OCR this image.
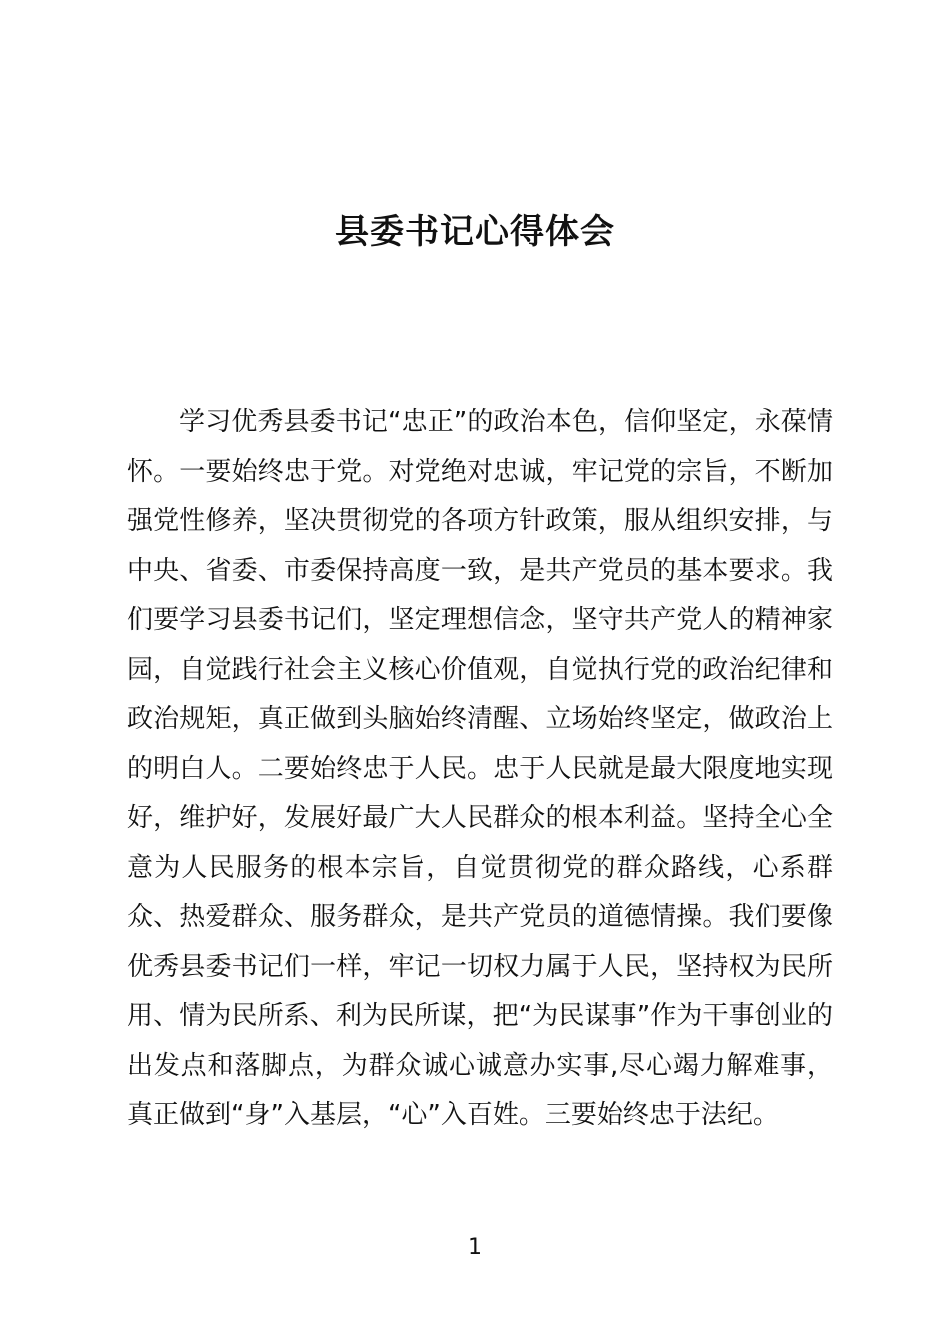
县委书记心得体会

学习优秀县委书记“忠正”的政治本色，信仰坚定，永葆情怀。一要始终忠于党。对党绝对忠诚，牢记党的宗旨，不断加强党性修养，坚决贯彻党的各项方针政策，服从组织安排，与中央、省委、市委保持高度一致，是共产党员的基本要求。我们要学习县委书记们，坚定理想信念，坚守共产党人的精神家园，自觉践行社会主义核心价值观，自觉执行党的政治纪律和政治规矩，真正做到头脑始终清醒、立场始终坚定，做政治上的明白人。二要始终忠于人民。忠于人民就是最大限度地实现好，维护好，发展好最广大人民群众的根本利益。坚持全心全意为人民服务的根本宗旨，自觉贯彻党的群众路线，心系群众、热爱群众、服务群众，是共产党员的道德情操。我们要像优秀县委书记们一样，牢记一切权力属于人民，坚持权为民所用、情为民所系、利为民所谋，把“为民谋事”作为干事创业的出发点和落脚点，为群众诚心诚意办实事,尽心竭力解难事，真正做到“身”入基层，“心”入百姓。三要始终忠于法纪。

1
